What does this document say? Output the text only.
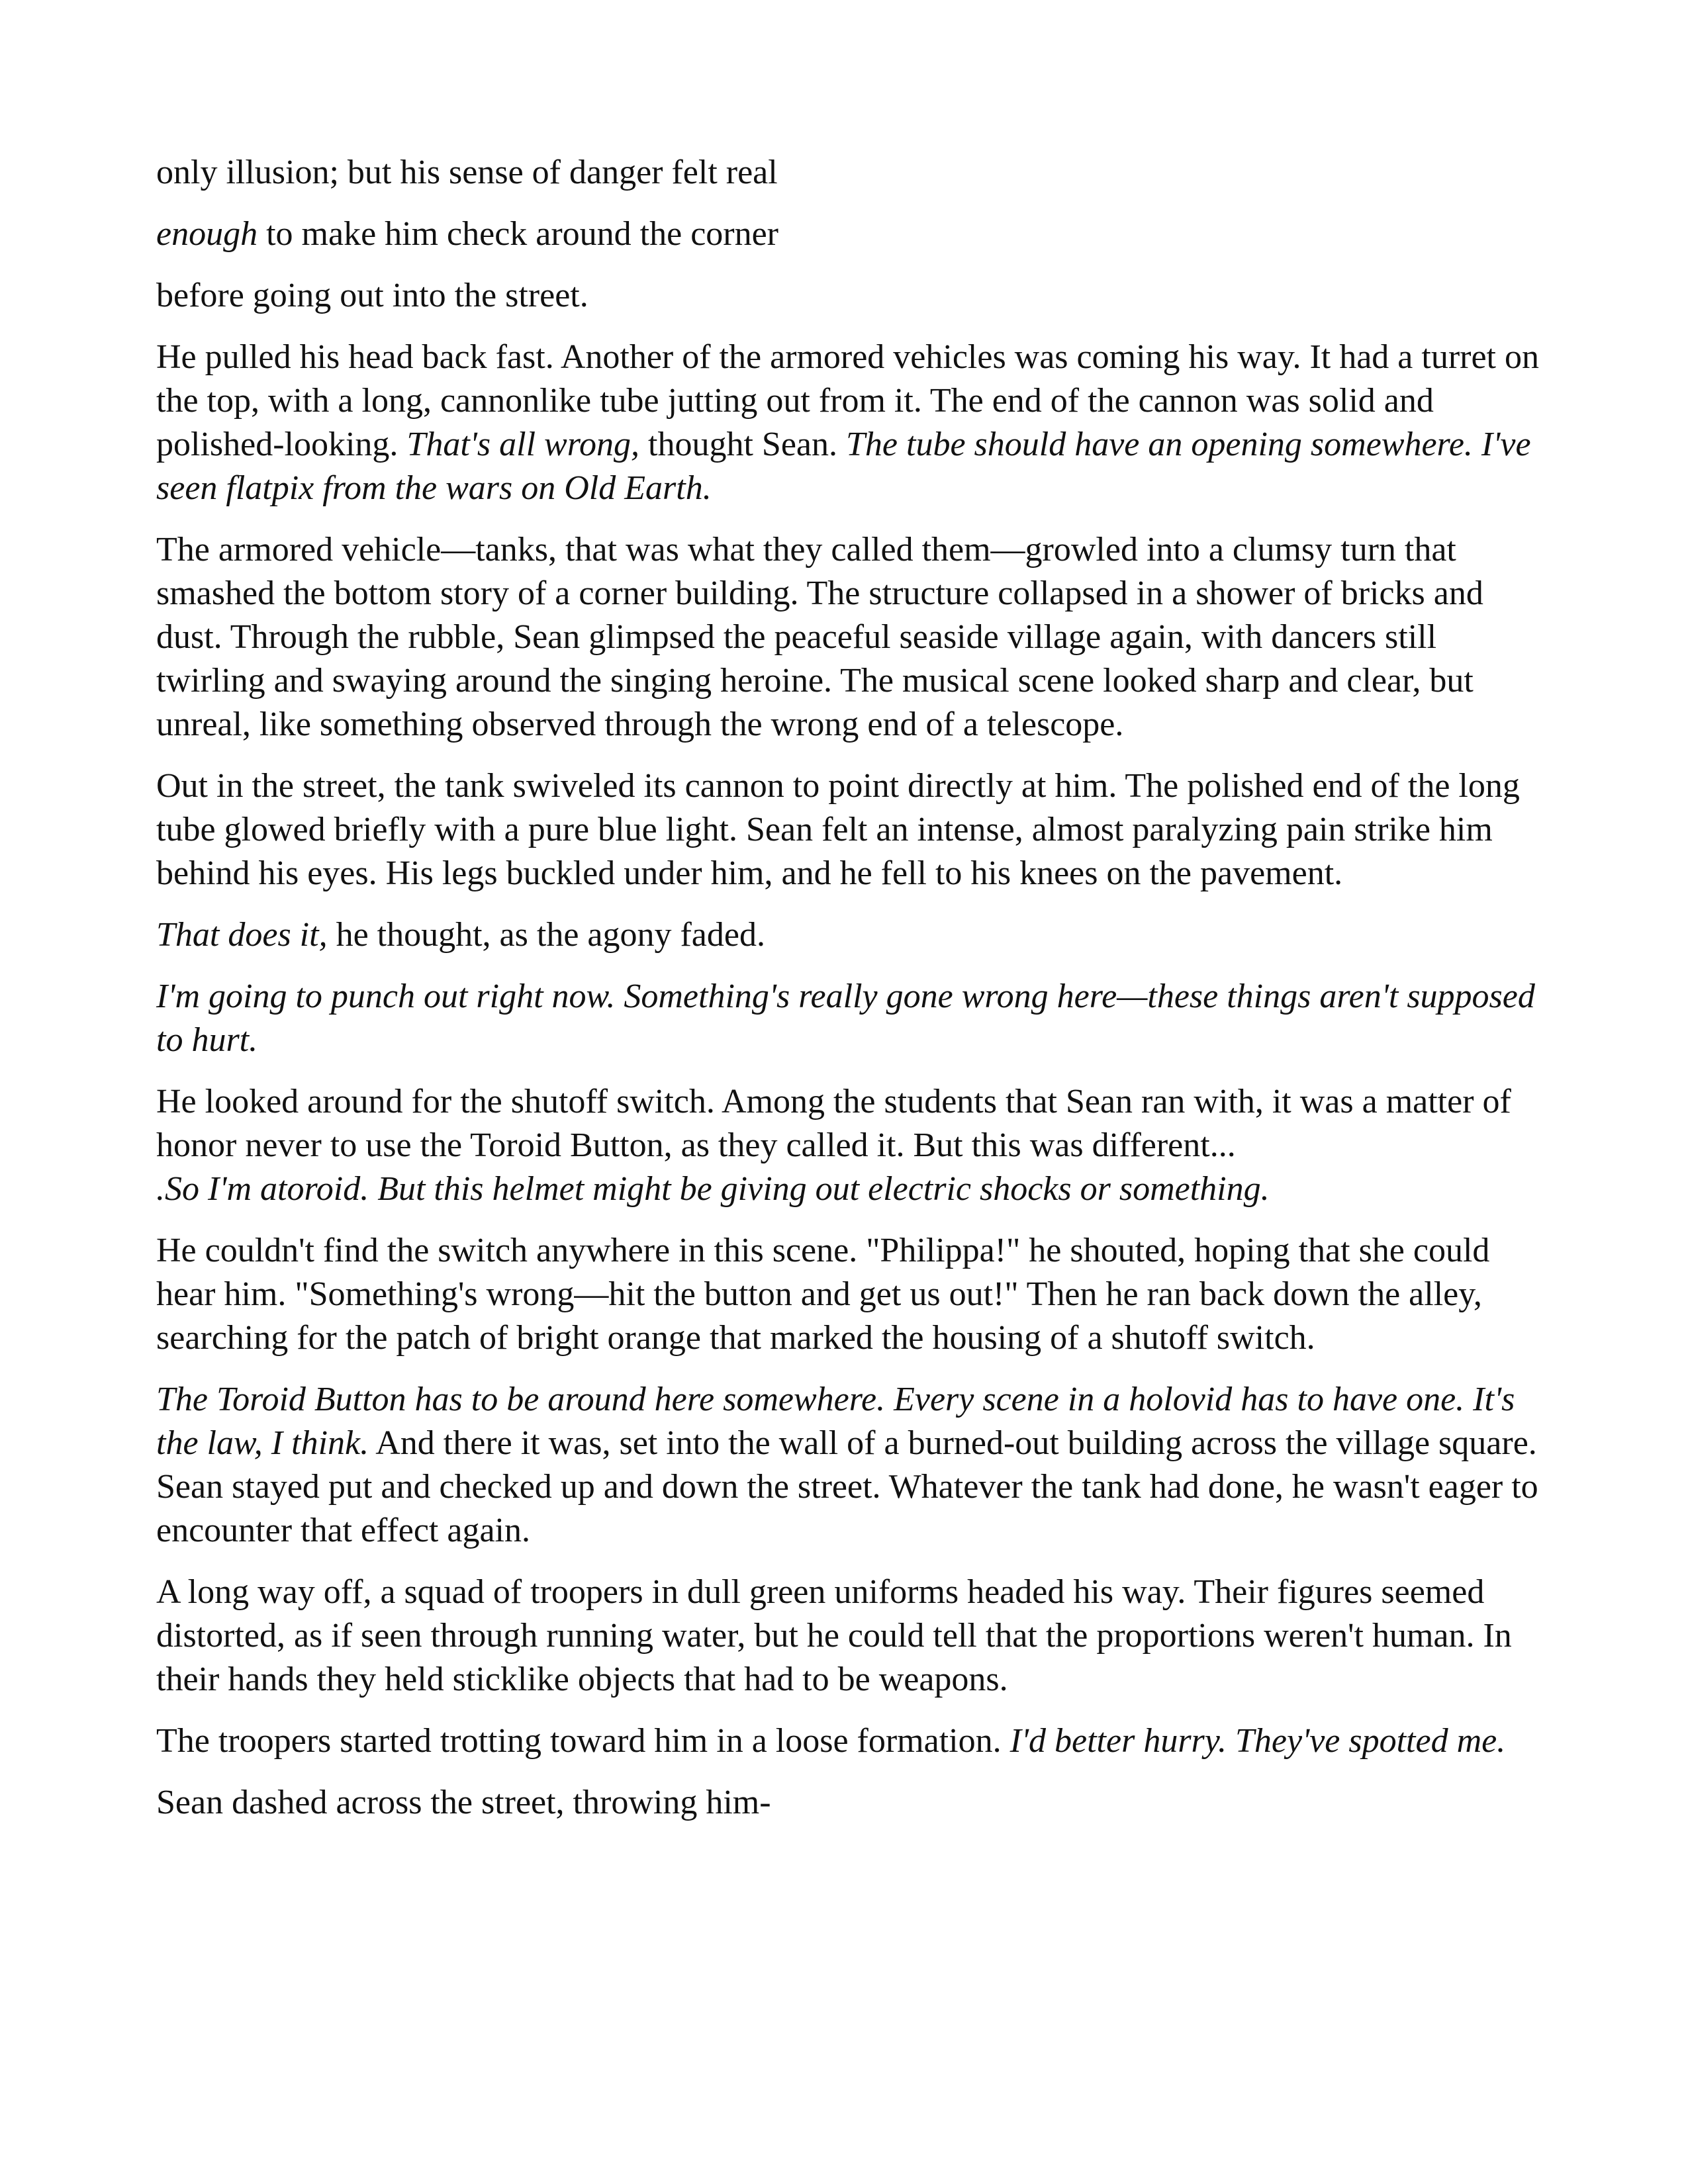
only illusion; but his sense of danger felt real

enough to make him check around the corner

before going out into the street.

He pulled his head back fast. Another of the armored vehicles was coming his way. It had a turret on the top, with a long, cannonlike tube jutting out from it. The end of the cannon was solid and polished-looking. That's all wrong, thought Sean. The tube should have an opening somewhere. I've seen flatpix from the wars on Old Earth.

The armored vehicle—tanks, that was what they called them—growled into a clumsy turn that smashed the bottom story of a corner building. The structure collapsed in a shower of bricks and dust. Through the rubble, Sean glimpsed the peaceful seaside village again, with dancers still twirling and swaying around the singing heroine. The musical scene looked sharp and clear, but unreal, like something observed through the wrong end of a telescope.

Out in the street, the tank swiveled its cannon to point directly at him. The polished end of the long tube glowed briefly with a pure blue light. Sean felt an intense, almost paralyzing pain strike him behind his eyes. His legs buckled under him, and he fell to his knees on the pavement.

That does it, he thought, as the agony faded.

I'm going to punch out right now. Something's really gone wrong here—these things aren't supposed to hurt.

He looked around for the shutoff switch. Among the students that Sean ran with, it was a matter of honor never to use the Toroid Button, as they called it. But this was different...
.So I'm atoroid. But this helmet might be giving out electric shocks or something.

He couldn't find the switch anywhere in this scene. "Philippa!" he shouted, hoping that she could hear him. "Something's wrong—hit the button and get us out!" Then he ran back down the alley, searching for the patch of bright orange that marked the housing of a shutoff switch.

The Toroid Button has to be around here somewhere. Every scene in a holovid has to have one. It's the law, I think. And there it was, set into the wall of a burned-out building across the village square. Sean stayed put and checked up and down the street. Whatever the tank had done, he wasn't eager to encounter that effect again.

A long way off, a squad of troopers in dull green uniforms headed his way. Their figures seemed distorted, as if seen through running water, but he could tell that the proportions weren't human. In their hands they held sticklike objects that had to be weapons.

The troopers started trotting toward him in a loose formation. I'd better hurry. They've spotted me.

Sean dashed across the street, throwing him-
